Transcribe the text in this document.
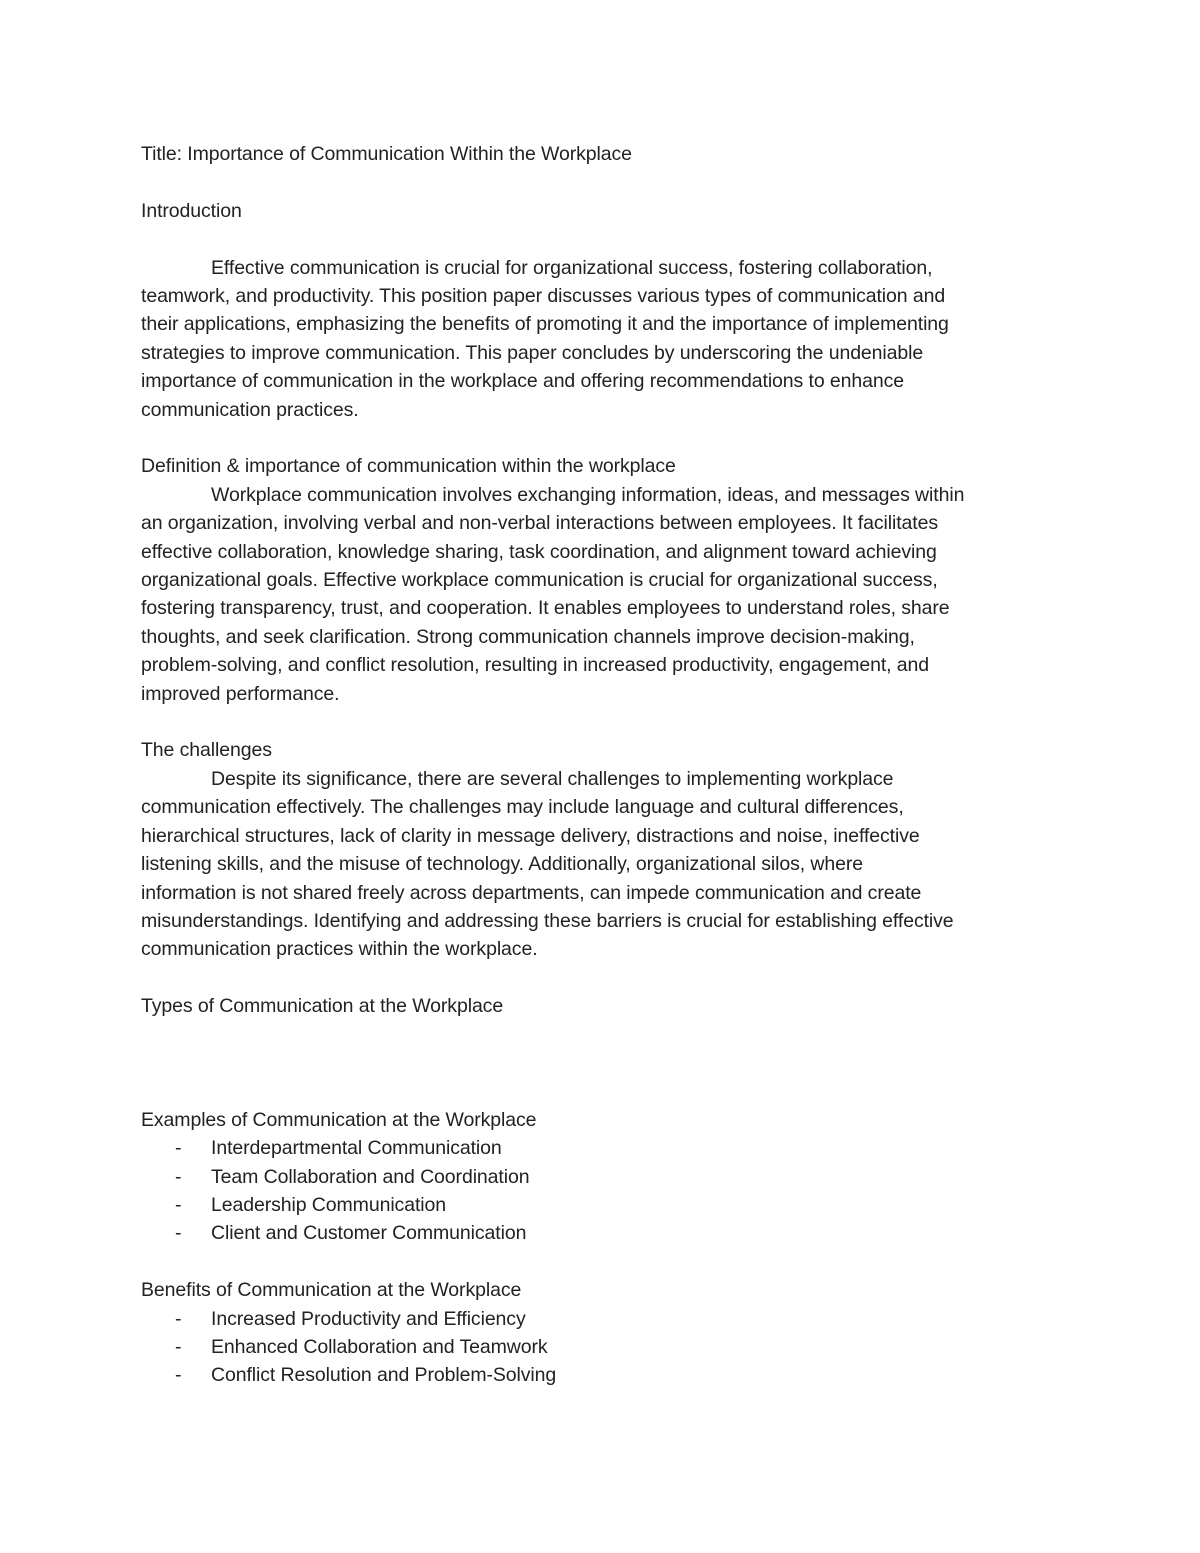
Title: Importance of Communication Within the Workplace
Introduction
Effective communication is crucial for organizational success, fostering collaboration,
teamwork, and productivity. This position paper discusses various types of communication and
their applications, emphasizing the benefits of promoting it and the importance of implementing
strategies to improve communication. This paper concludes by underscoring the undeniable
importance of communication in the workplace and offering recommendations to enhance
communication practices.
Definition & importance of communication within the workplace
Workplace communication involves exchanging information, ideas, and messages within
an organization, involving verbal and non-verbal interactions between employees. It facilitates
effective collaboration, knowledge sharing, task coordination, and alignment toward achieving
organizational goals. Effective workplace communication is crucial for organizational success,
fostering transparency, trust, and cooperation. It enables employees to understand roles, share
thoughts, and seek clarification. Strong communication channels improve decision-making,
problem-solving, and conflict resolution, resulting in increased productivity, engagement, and
improved performance.
The challenges
Despite its significance, there are several challenges to implementing workplace
communication effectively. The challenges may include language and cultural differences,
hierarchical structures, lack of clarity in message delivery, distractions and noise, ineffective
listening skills, and the misuse of technology. Additionally, organizational silos, where
information is not shared freely across departments, can impede communication and create
misunderstandings. Identifying and addressing these barriers is crucial for establishing effective
communication practices within the workplace.
Types of Communication at the Workplace
Examples of Communication at the Workplace
- Interdepartmental Communication
- Team Collaboration and Coordination
- Leadership Communication
- Client and Customer Communication
Benefits of Communication at the Workplace
- Increased Productivity and Efficiency
- Enhanced Collaboration and Teamwork
- Conflict Resolution and Problem-Solving
